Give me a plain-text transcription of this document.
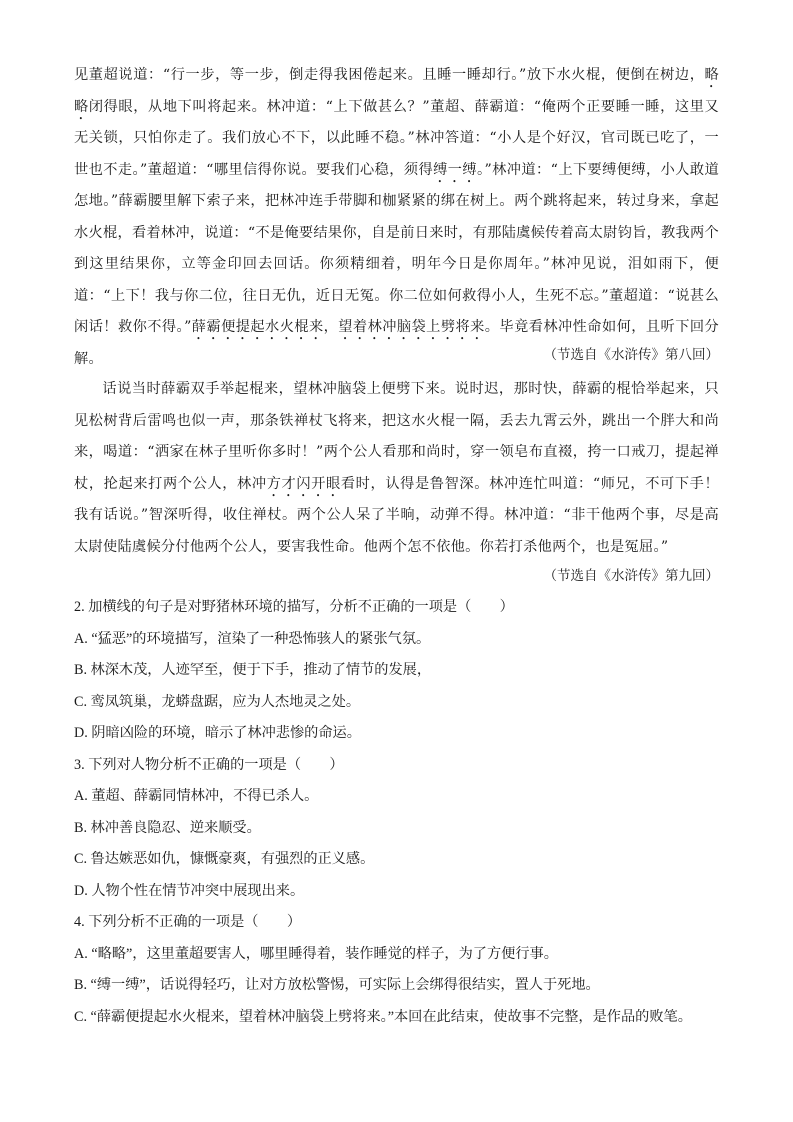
见董超说道：“行一步，等一步，倒走得我困倦起来。且睡一睡却行。”放下水火棍，便倒在树边，略略闭得眼，从地下叫将起来。林冲道：“上下做甚么？”董超、薛霸道：“俺两个正要睡一睡，这里又无关锁，只怕你走了。我们放心不下，以此睡不稳。”林冲答道：“小人是个好汉，官司既已吃了，一世也不走。”董超道：“哪里信得你说。要我们心稳，须得缚一缚。”林冲道：“上下要缚便缚，小人敢道怎地。”薛霸腰里解下索子来，把林冲连手带脚和枷紧紧的绑在树上。两个跳将起来，转过身来，拿起水火棍，看着林冲，说道：“不是俺要结果你，自是前日来时，有那陆虞候传着高太尉钧旨，教我两个到这里结果你，立等金印回去回话。你须精细着，明年今日是你周年。”林冲见说，泪如雨下，便道：“上下！我与你二位，往日无仇，近日无冤。你二位如何救得小人，生死不忘。”董超道：“说甚么闲话！救你不得。”薛霸便提起水火棍来，望着林冲脑袋上劈将来。毕竟看林冲性命如何，且听下回分解。	（节选自《水浒传》第八回）

话说当时薛霸双手举起棍来，望林冲脑袋上便劈下来。说时迟，那时快，薛霸的棍恰举起来，只见松树背后雷鸣也似一声，那条铁禅杖飞将来，把这水火棍一隔，丢去九霄云外，跳出一个胖大和尚来，喝道：“洒家在林子里听你多时！”两个公人看那和尚时，穿一领皂布直裰，挎一口戒刀，提起禅杖，抡起来打两个公人，林冲方才闪开眼看时，认得是鲁智深。林冲连忙叫道：“师兄，不可下手！我有话说。”智深听得，收住禅杖。两个公人呆了半晌，动弹不得。林冲道：“非干他两个事，尽是高太尉使陆虞候分付他两个公人，要害我性命。他两个怎不依他。你若打杀他两个，也是冤屈。”

（节选自《水浒传》第九回）
2. 加横线的句子是对野猪林环境的描写，分析不正确的一项是（　　）
A. “猛恶”的环境描写，渲染了一种恐怖骇人的紧张气氛。
B. 林深木茂，人迹罕至，便于下手，推动了情节的发展，
C. 鸾凤筑巢，龙蟒盘踞，应为人杰地灵之处。
D. 阴暗凶险的环境，暗示了林冲悲惨的命运。
3. 下列对人物分析不正确的一项是（　　）
A. 董超、薛霸同情林冲，不得已杀人。
B. 林冲善良隐忍、逆来顺受。
C. 鲁达嫉恶如仇，慷慨豪爽，有强烈的正义感。
D. 人物个性在情节冲突中展现出来。
4. 下列分析不正确的一项是（　　）
A. “略略”，这里董超要害人，哪里睡得着，装作睡觉的样子，为了方便行事。
B. “缚一缚”，话说得轻巧，让对方放松警惕，可实际上会绑得很结实，置人于死地。
C. “薛霸便提起水火棍来，望着林冲脑袋上劈将来。”本回在此结束，使故事不完整，是作品的败笔。
